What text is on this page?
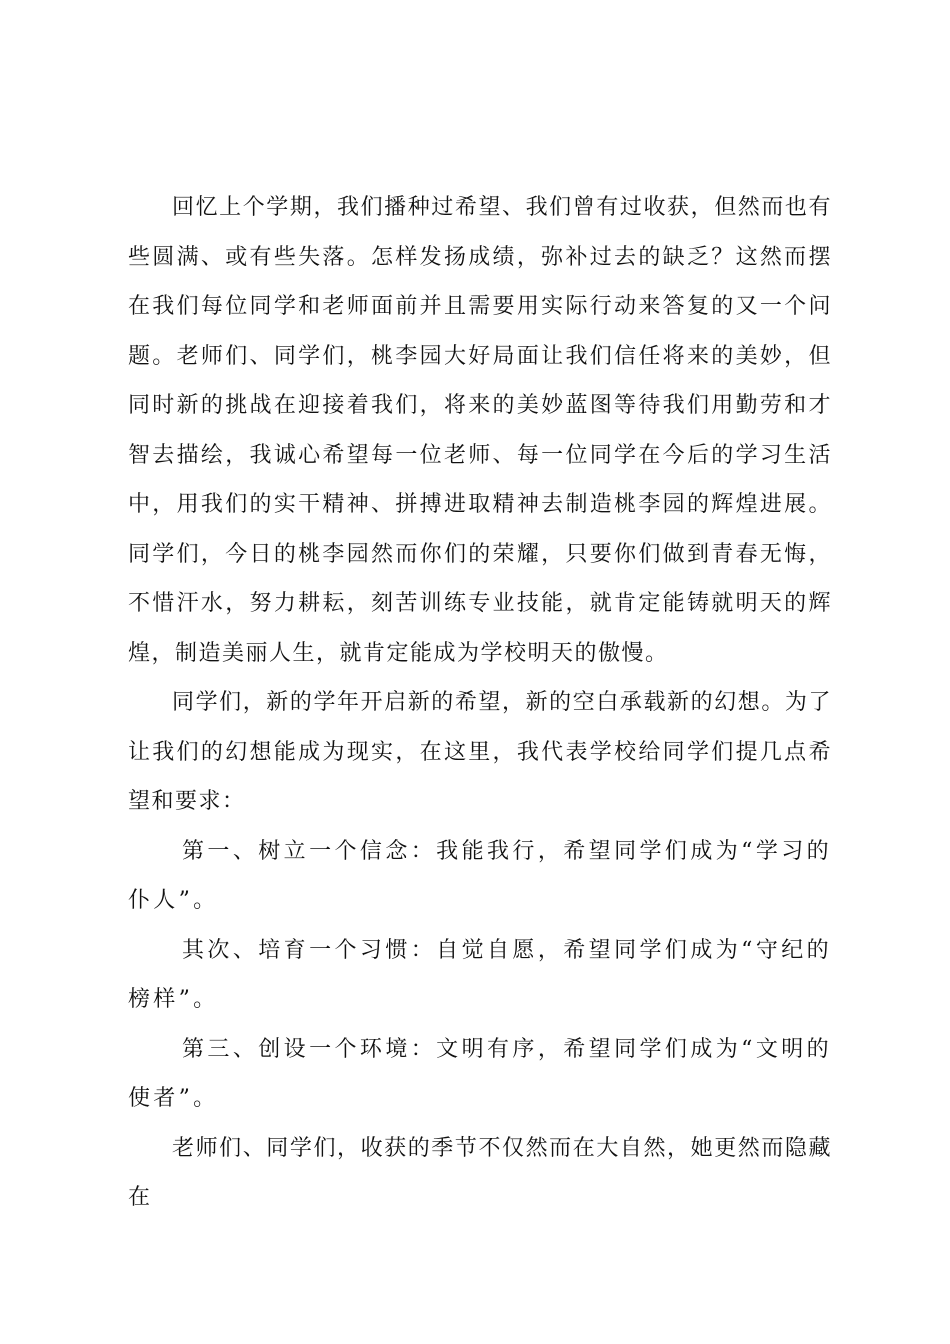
回忆上个学期，我们播种过希望、我们曾有过收获，但然而也有些圆满、或有些失落。怎样发扬成绩，弥补过去的缺乏？这然而摆在我们每位同学和老师面前并且需要用实际行动来答复的又一个问题。老师们、同学们，桃李园大好局面让我们信任将来的美妙，但同时新的挑战在迎接着我们，将来的美妙蓝图等待我们用勤劳和才智去描绘，我诚心希望每一位老师、每一位同学在今后的学习生活中，用我们的实干精神、拼搏进取精神去制造桃李园的辉煌进展。同学们，今日的桃李园然而你们的荣耀，只要你们做到青春无悔，不惜汗水，努力耕耘，刻苦训练专业技能，就肯定能铸就明天的辉煌，制造美丽人生，就肯定能成为学校明天的傲慢。

同学们，新的学年开启新的希望，新的空白承载新的幻想。为了让我们的幻想能成为现实，在这里，我代表学校给同学们提几点希望和要求：

第一、树立一个信念：我能我行，希望同学们成为“学习的仆人”。

其次、培育一个习惯：自觉自愿，希望同学们成为“守纪的榜样”。

第三、创设一个环境：文明有序，希望同学们成为“文明的使者”。

老师们、同学们，收获的季节不仅然而在大自然，她更然而隐藏在
